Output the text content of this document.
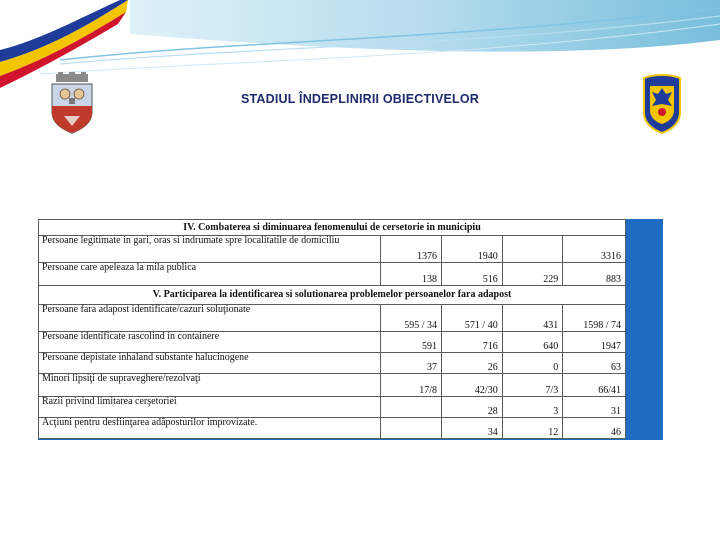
STADIUL ÎNDEPLINIRII OBIECTIVELOR
IV. Combaterea si diminuarea fenomenului de cersetorie in municipiu				
Persoane legitimate in gari, oras si indrumate spre localitatile de domiciliu	1376	1940		3316
Persoane care apeleaza la mila publica	138	516	229	883
V. Participarea la identificarea si solutionarea problemelor persoanelor fara adapost				
Persoane fara adapost identificate/cazuri soluţionate	595 / 34	571 / 40	431	1598 / 74
Persoane identificate rascolind in containere	591	716	640	1947
Persoane depistate inhaland substante halucinogene	37	26	0	63
Minori lipsiţi de supraveghere/rezolvaţi	17/8	42/30	7/3	66/41
Razii privind limitarea cerşetoriei		28	3	31
Acţiuni pentru desfiinţarea adăposturilor improvizate.		34	12	46
